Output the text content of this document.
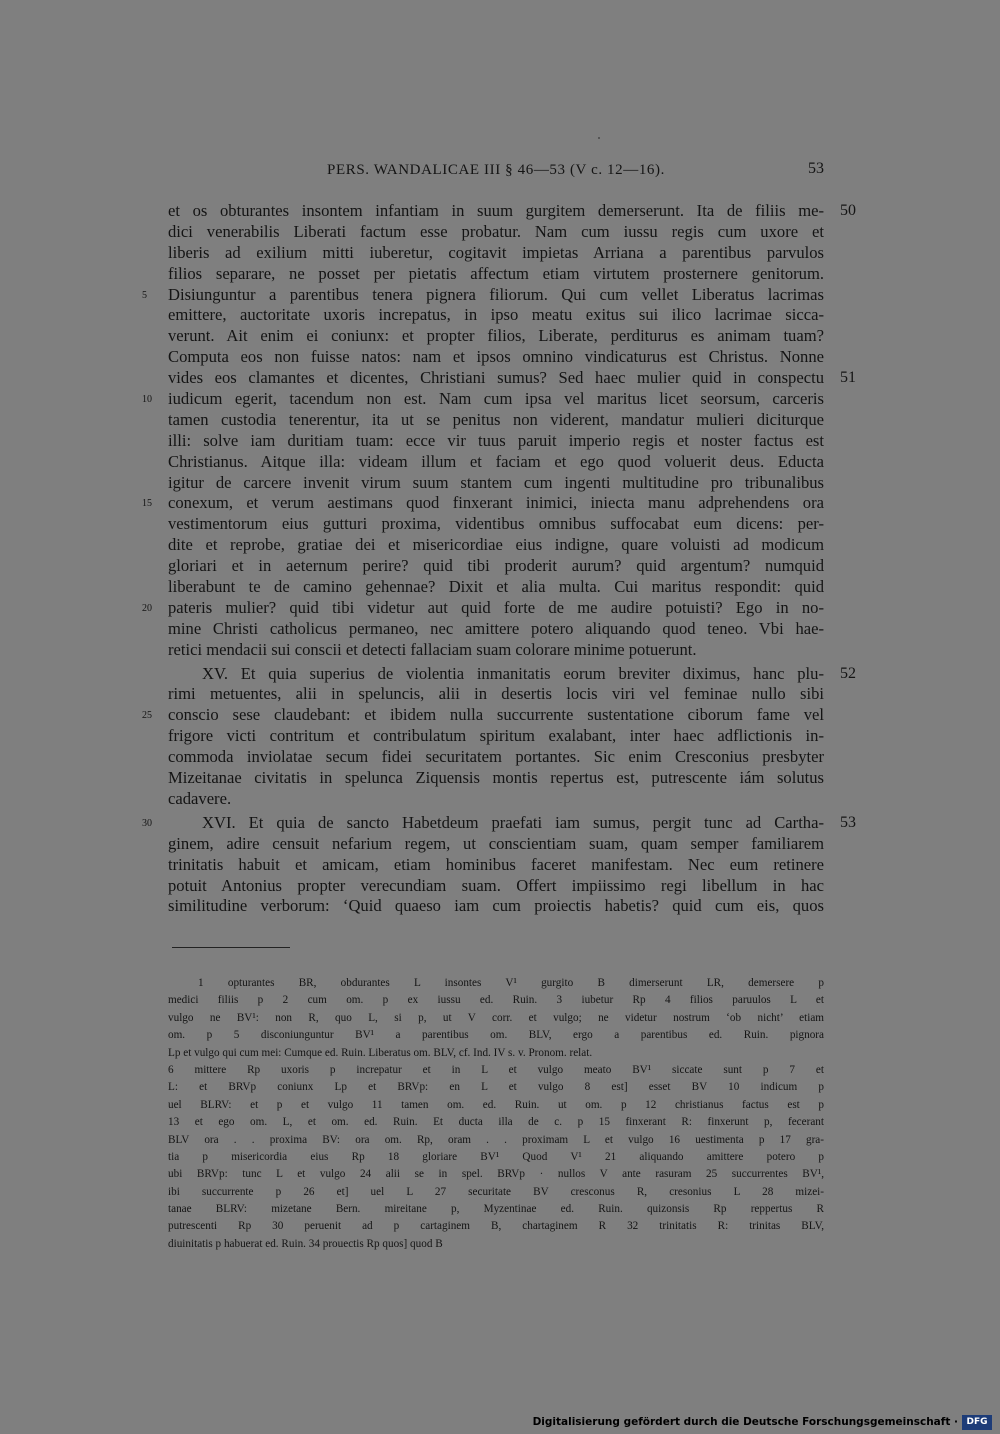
PERS. WANDALICAE III § 46—53 (V c. 12—16).	53
et os obturantes insontem infantiam in suum gurgitem demerserunt. Ita de filiis me- 50
dici venerabilis Liberati factum esse probatur. Nam cum iussu regis cum uxore et
liberis ad exilium mitti iuberetur, cogitavit impietas Arriana a parentibus parvulos
filios separare, ne posset per pietatis affectum etiam virtutem prosternere genitorum.
Disiunguntur a parentibus tenera pignera filiorum. Qui cum vellet Liberatus lacrimas
5
emittere, auctoritate uxoris increpatus, in ipso meatu exitus sui ilico lacrimae sicca-
verunt. Ait enim ei coniunx: et propter filios, Liberate, perditurus es animam tuam?
Computa eos non fuisse natos: nam et ipsos omnino vindicaturus est Christus. Nonne
vides eos clamantes et dicentes, Christiani sumus? Sed haec mulier quid in conspectu 51
iudicum egerit, tacendum non est. Nam cum ipsa vel maritus licet seorsum, carceris
10
tamen custodia tenerentur, ita ut se penitus non viderent, mandatur mulieri diciturque
illi: solve iam duritiam tuam: ecce vir tuus paruit imperio regis et noster factus est
Christianus. Aitque illa: videam illum et faciam et ego quod voluerit deus. Educta
igitur de carcere invenit virum suum stantem cum ingenti multitudine pro tribunalibus
conexum, et verum aestimans quod finxerant inimici, iniecta manu adprehendens ora
15
vestimentorum eius gutturi proxima, videntibus omnibus suffocabat eum dicens: per-
dite et reprobe, gratiae dei et misericordiae eius indigne, quare voluisti ad modicum
gloriari et in aeternum perire? quid tibi proderit aurum? quid argentum? numquid
liberabunt te de camino gehennae? Dixit et alia multa. Cui maritus respondit: quid
pateris mulier? quid tibi videtur aut quid forte de me audire potuisti? Ego in no-
20
mine Christi catholicus permaneo, nec amittere potero aliquando quod teneo. Vbi hae-
retici mendacii sui conscii et detecti fallaciam suam colorare minime potuerunt.
XV. Et quia superius de violentia inmanitatis eorum breviter diximus, hanc plu- 52
rimi metuentes, alii in speluncis, alii in desertis locis viri vel feminae nullo sibi
conscio sese claudebant: et ibidem nulla succurrente sustentatione ciborum fame vel
25
frigore victi contritum et contribulatum spiritum exalabant, inter haec adflictionis in-
commoda inviolatae secum fidei securitatem portantes. Sic enim Cresconius presbyter
Mizeitanae civitatis in spelunca Ziquensis montis repertus est, putrescente iám solutus
cadavere.
XVI. Et quia de sancto Habetdeum praefati iam sumus, pergit tunc ad Cartha-
30	53
ginem, adire censuit nefarium regem, ut conscientiam suam, quam semper familiarem
trinitatis habuit et amicam, etiam hominibus faceret manifestam. Nec eum retinere
potuit Antonius propter verecundiam suam. Offert impiissimo regi libellum in hac
similitudine verborum: ‘Quid quaeso iam cum proiectis habetis? quid cum eis, quos
1 opturantes BR, obdurantes L insontes V¹ gurgito B dimerserunt LR, demersere p
medici filiis p 2 cum om. p ex iussu ed. Ruin. 3 iubetur Rp 4 filios paruulos L et
vulgo ne BV¹: non R, quo L, si p, ut V corr. et vulgo; ne videtur nostrum ‘ob nicht’ etiam
om. p 5 disconiunguntur BV¹ a parentibus om. BLV, ergo a parentibus ed. Ruin. pignora
Lp et vulgo qui cum mei: Cumque ed. Ruin. Liberatus om. BLV, cf. Ind. IV s. v. Pronom. relat.
6 mittere Rp uxoris p increpatur et in L et vulgo meato BV¹ siccate sunt p 7 et
L: et BRVp coniunx Lp et BRVp: en L et vulgo 8 est] esset BV 10 indicum p
uel BLRV: et p et vulgo 11 tamen om. ed. Ruin. ut om. p 12 christianus factus est p
13 et ego om. L, et om. ed. Ruin. Et ducta illa de c. p 15 finxerant R: finxerunt p, fecerant
BLV ora . . proxima BV: ora om. Rp, oram . . proximam L et vulgo 16 uestimenta p 17 gra-
tia p misericordia eius Rp 18 gloriare BV¹ Quod V¹ 21 aliquando amittere potero p
ubi BRVp: tunc L et vulgo 24 alii se in spel. BRVp · nullos V ante rasuram 25 succurrentes BV¹,
ibi succurrente p 26 et] uel L 27 securitate BV cresconus R, cresonius L 28 mizei-
tanae BLRV: mizetane Bern. mireitane p, Myzentinae ed. Ruin. quizonsis Rp reppertus R
putrescenti Rp 30 peruenit ad p cartaginem B, chartaginem R 32 trinitatis R: trinitas BLV,
diuinitatis p habuerat ed. Ruin. 34 prouectis Rp quos] quod B
Digitalisierung gefördert durch die Deutsche Forschungsgemeinschaft · DFG
